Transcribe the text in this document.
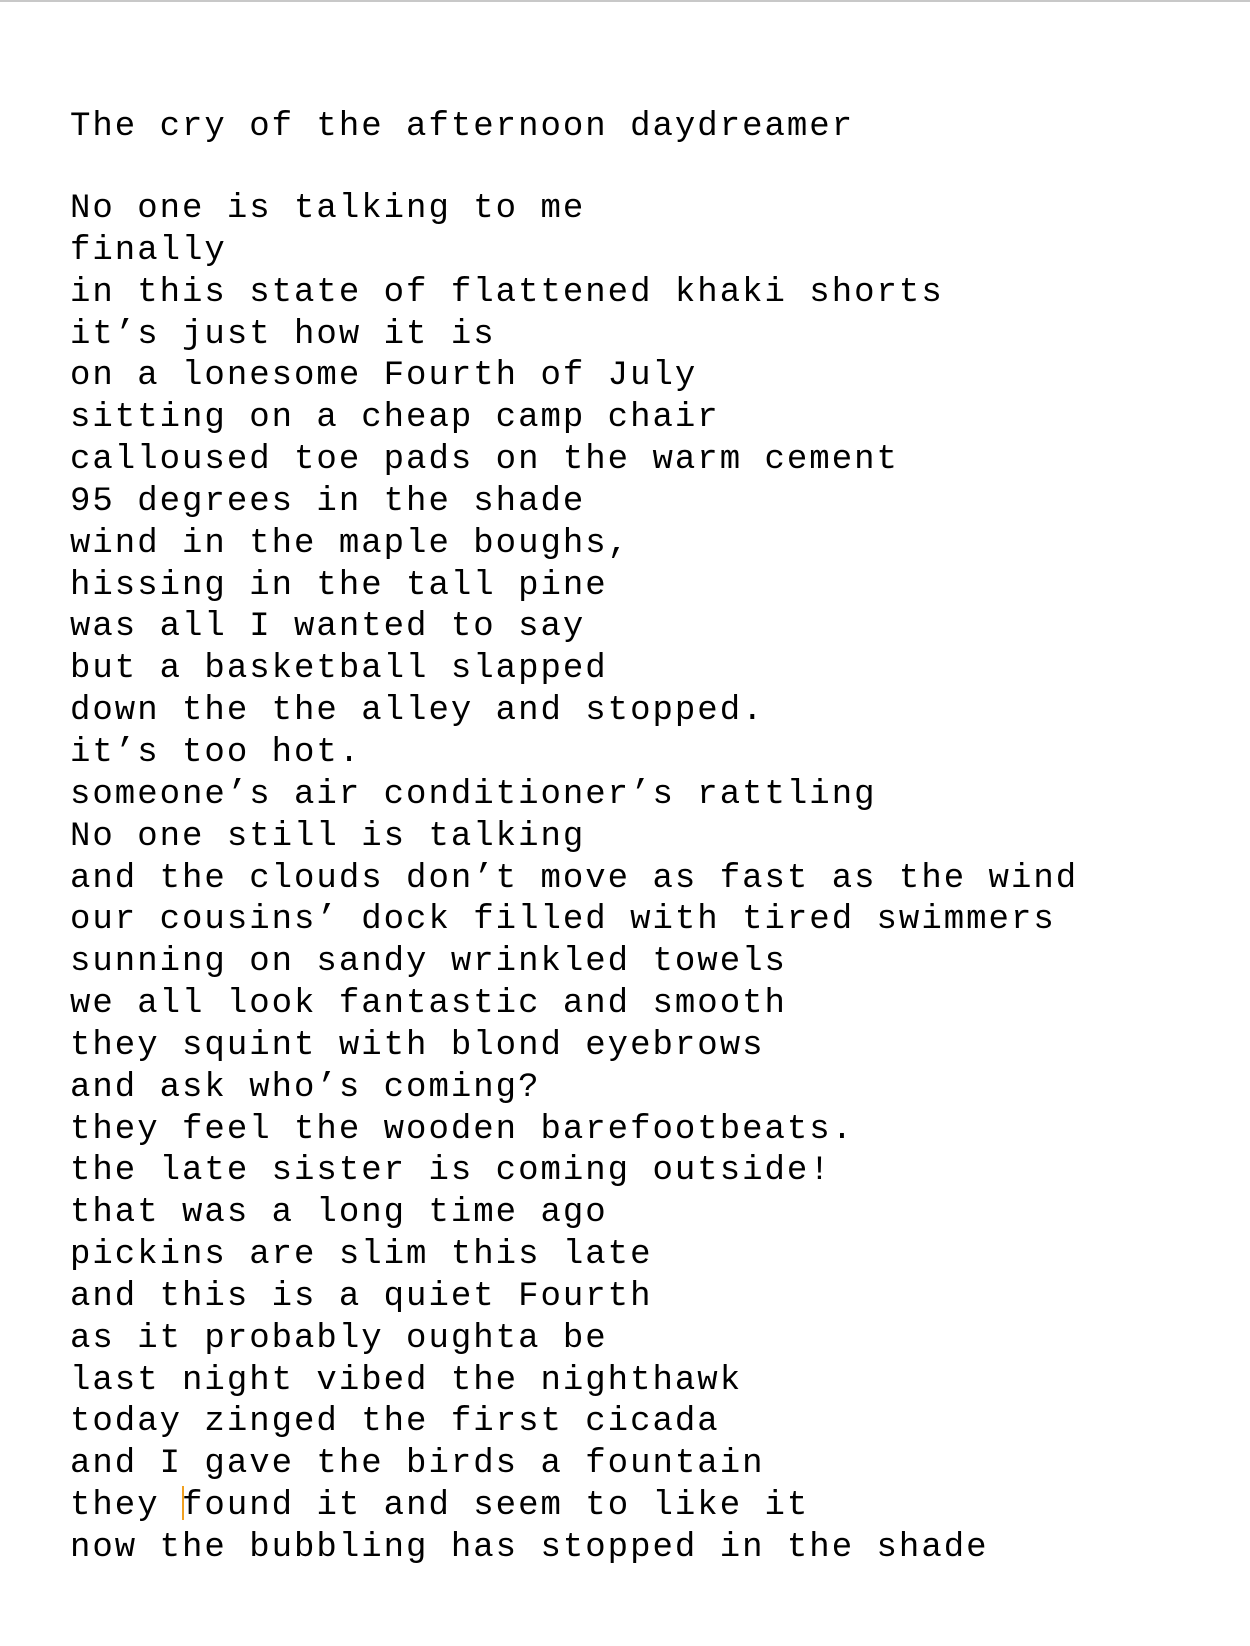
The cry of the afternoon daydreamer
No one is talking to me
finally
in this state of flattened khaki shorts
it’s just how it is
on a lonesome Fourth of July
sitting on a cheap camp chair
calloused toe pads on the warm cement
95 degrees in the shade
wind in the maple boughs,
hissing in the tall pine
was all I wanted to say
but a basketball slapped
down the the alley and stopped.
it’s too hot.
someone’s air conditioner’s rattling
No one still is talking
and the clouds don’t move as fast as the wind
our cousins’ dock filled with tired swimmers
sunning on sandy wrinkled towels
we all look fantastic and smooth
they squint with blond eyebrows
and ask who’s coming?
they feel the wooden barefootbeats.
the late sister is coming outside!
that was a long time ago
pickins are slim this late
and this is a quiet Fourth
as it probably oughta be
last night vibed the nighthawk
today zinged the first cicada
and I gave the birds a fountain
they found it and seem to like it
now the bubbling has stopped in the shade
